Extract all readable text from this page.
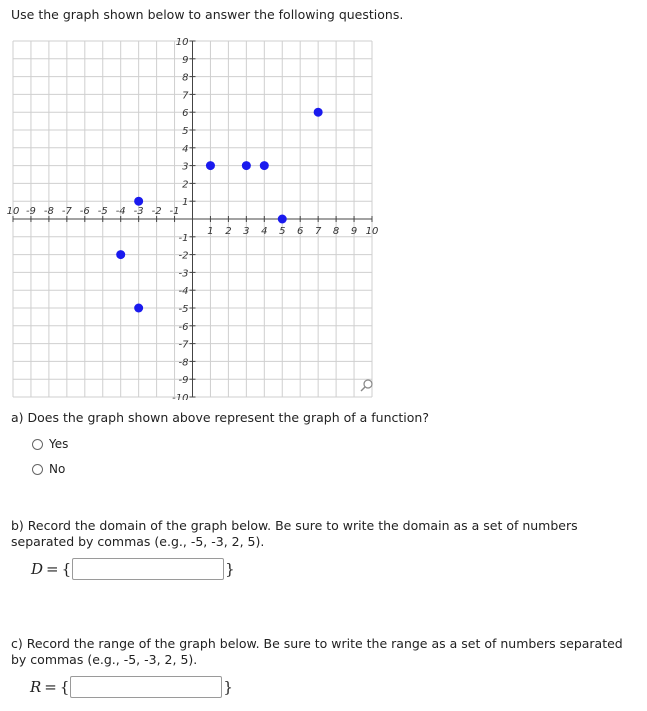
Use the graph shown below to answer the following questions.
10 -9 -8 -7 -6 -5 -4 -3 -2 -1
1 2 3 4 5 6 7 8 9 10
10
9
8
7
6
5
4
3
2
1
-1
-2
-3
-4
-5
-6
-7
-8
-9
-10
a) Does the graph shown above represent the graph of a function?
Yes
No
b) Record the domain of the graph below. Be sure to write the domain as a set of numbers separated by commas (e.g., -5, -3, 2, 5).
D = {	}
c) Record the range of the graph below. Be sure to write the range as a set of numbers separated by commas (e.g., -5, -3, 2, 5).
R = {	}
